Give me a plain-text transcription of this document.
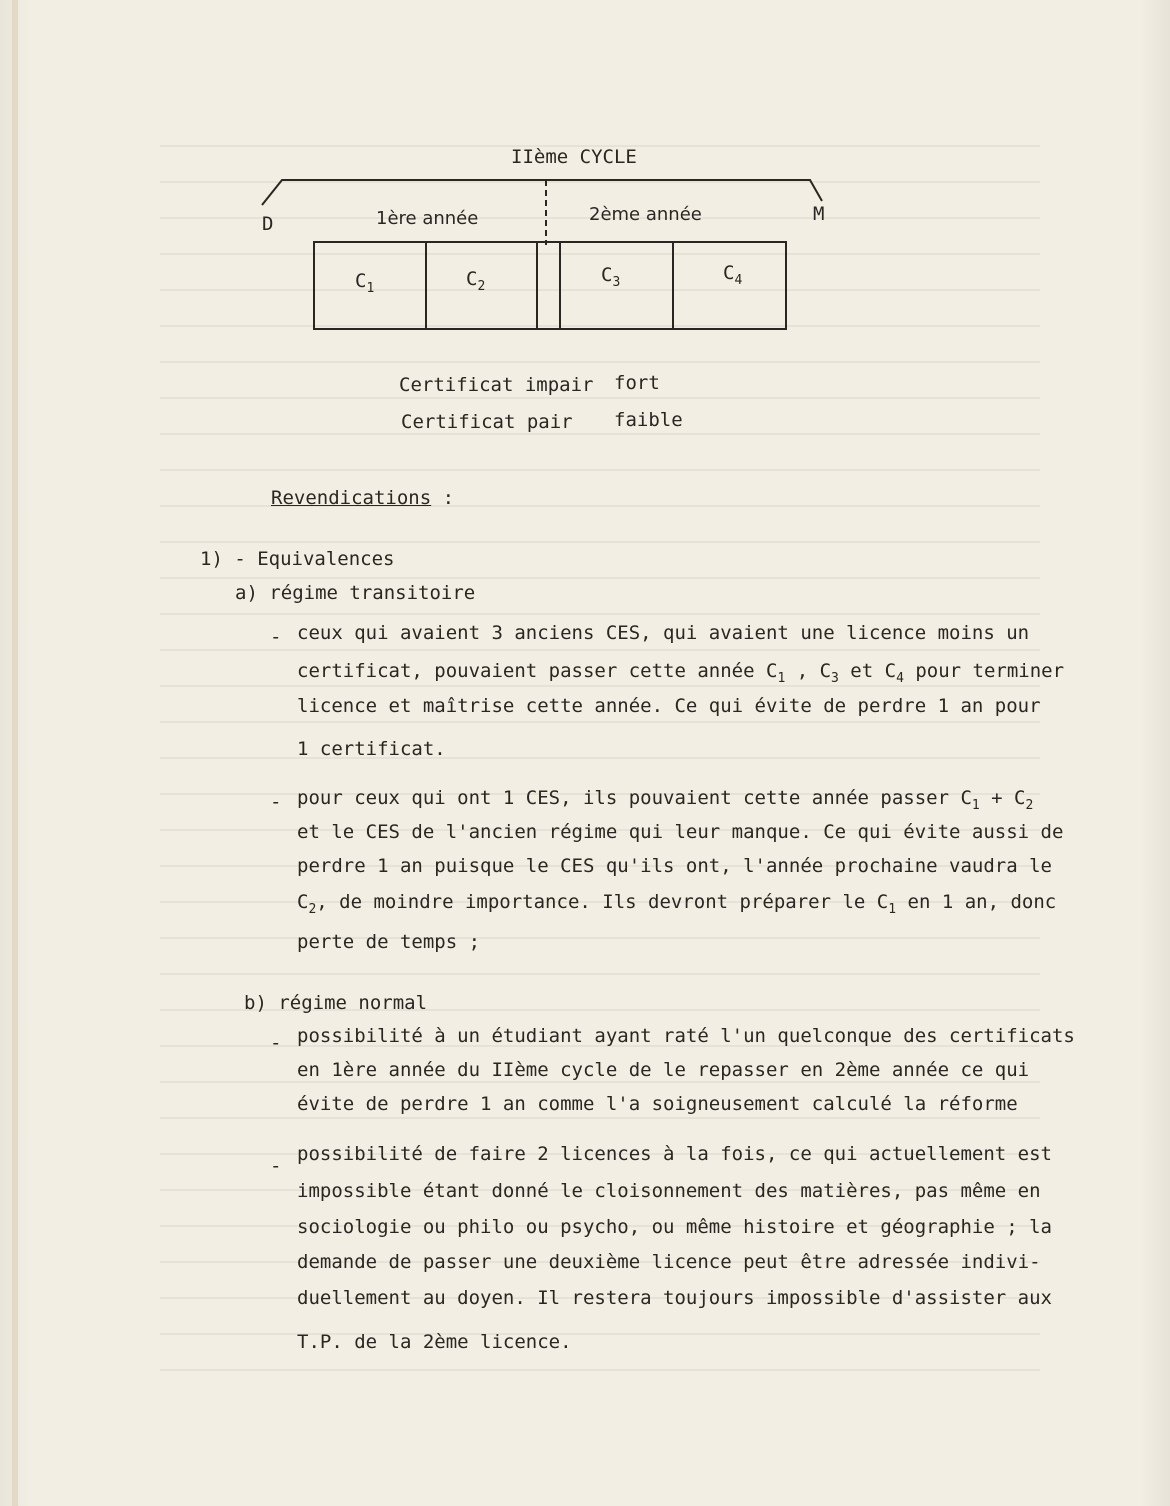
IIème CYCLE
D	M
1ère année	2ème année
$C_1$	$C_2$
$C_3$	$C_4$
Certificat impair fort
Certificat pair faible
Revendications :
1) - Equivalences
a) régime transitoire
- ceux qui avaient 3 anciens CES, qui avaient une licence moins un
certificat, pouvaient passer cette année $C_1$ , $C_3$ et $C_4$ pour terminer
licence et maîtrise cette année. Ce qui évite de perdre 1 an pour
1 certificat.
- pour ceux qui ont 1 CES, ils pouvaient cette année passer $C_1 + C_2$
et le CES de l'ancien régime qui leur manque. Ce qui évite aussi de
perdre 1 an puisque le CES qu'ils ont, l'année prochaine vaudra le
$C_2$, de moindre importance. Ils devront préparer le $C_1$ en 1 an, donc
perte de temps ;
b) régime normal
- possibilité à un étudiant ayant raté l'un quelconque des certificats
en 1ère année du IIème cycle de le repasser en 2ème année ce qui
évite de perdre 1 an comme l'a soigneusement calculé la réforme
-
possibilité de faire 2 licences à la fois, ce qui actuellement est
impossible étant donné le cloisonnement des matières, pas même en
sociologie ou philo ou psycho, ou même histoire et géographie ; la
demande de passer une deuxième licence peut être adressée indivi-
duellement au doyen. Il restera toujours impossible d'assister aux
T.P. de la 2ème licence.
